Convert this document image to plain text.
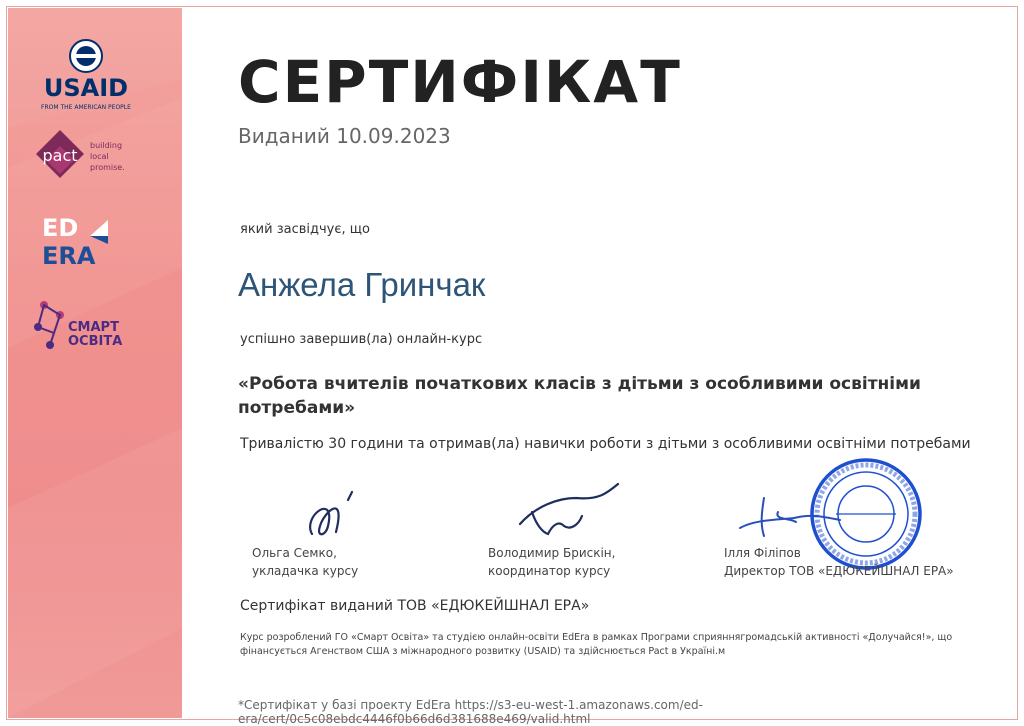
USAID
FROM THE AMERICAN PEOPLE
pact
building
local
promise.
ED
ERA
СМАРТ
ОСВІТА
СЕРТИФІКАТ
Виданий 10.09.2023
який засвідчує, що
Анжела Гринчак
успішно завершив(ла) онлайн-курс
«Робота вчителів початкових класів з дітьми з особливими освітніми потребами»
Тривалістю 30 години та отримав(ла) навички роботи з дітьми з особливими освітніми потребами
Ольга Семко,
укладачка курсу
Володимир Брискін,
координатор курсу
Ілля Філіпов
Директор ТОВ «ЕДЮКЕЙШНАЛ ЕРА»
Сертифікат виданий ТОВ «ЕДЮКЕЙШНАЛ ЕРА»
Курс розроблений ГО «Смарт Освіта» та студією онлайн-освіти EdEra в рамках Програми сприяннягромадській активності «Долучайся!», що
фінансується Агенством США з міжнародного розвитку (USAID) та здійснюється Pact в Україні.м
*Сертифікат у базі проекту EdEra https://s3-eu-west-1.amazonaws.com/ed-era/cert/0c5c08ebdc4446f0b66d6d381688e469/valid.html
